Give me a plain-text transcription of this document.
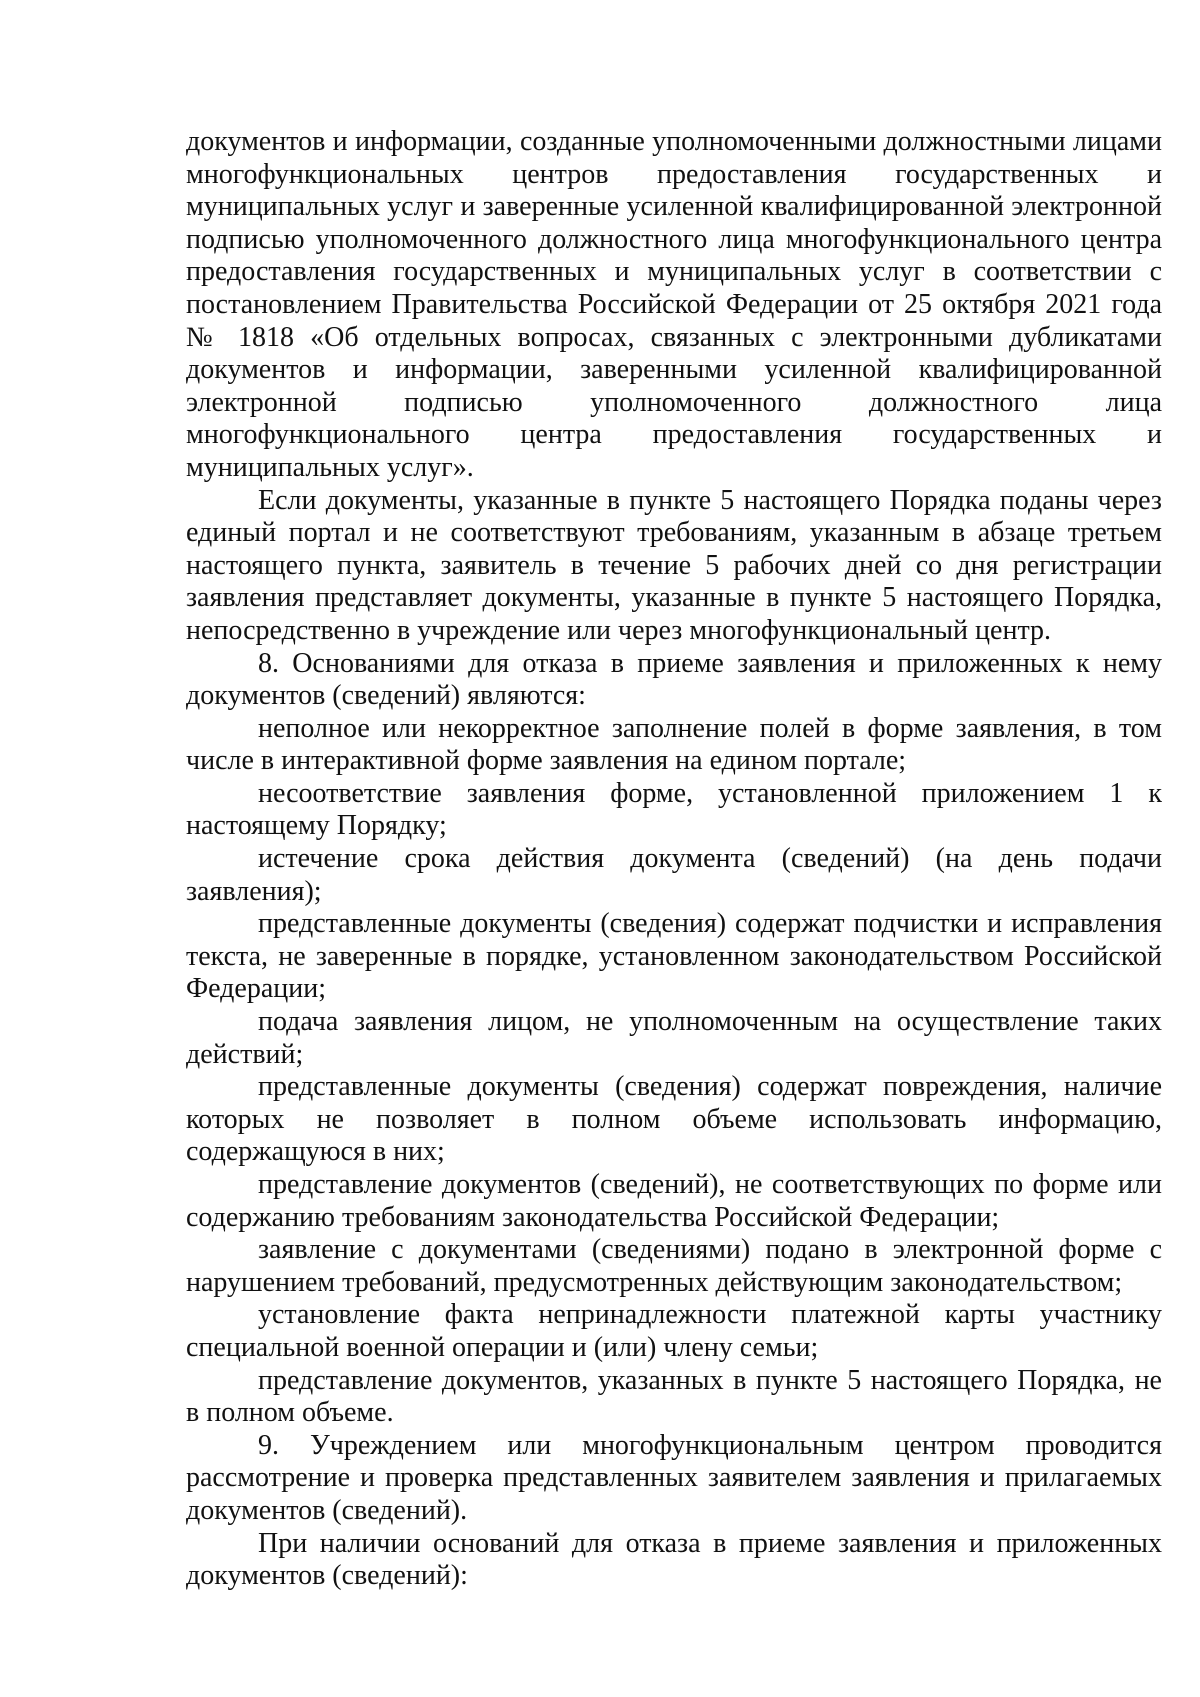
документов и информации, созданные уполномоченными должностными лицами многофункциональных центров предоставления государственных и муниципальных услуг и заверенные усиленной квалифицированной электронной подписью уполномоченного должностного лица многофункционального центра предоставления государственных и муниципальных услуг в соответствии с постановлением Правительства Российской Федерации от 25 октября 2021 года № 1818 «Об отдельных вопросах, связанных с электронными дубликатами документов и информации, заверенными усиленной квалифицированной электронной подписью уполномоченного должностного лица многофункционального центра предоставления государственных и муниципальных услуг».

Если документы, указанные в пункте 5 настоящего Порядка поданы через единый портал и не соответствуют требованиям, указанным в абзаце третьем настоящего пункта, заявитель в течение 5 рабочих дней со дня регистрации заявления представляет документы, указанные в пункте 5 настоящего Порядка, непосредственно в учреждение или через многофункциональный центр.

8. Основаниями для отказа в приеме заявления и приложенных к нему документов (сведений) являются:

неполное или некорректное заполнение полей в форме заявления, в том числе в интерактивной форме заявления на едином портале;

несоответствие заявления форме, установленной приложением 1 к настоящему Порядку;

истечение срока действия документа (сведений) (на день подачи заявления);

представленные документы (сведения) содержат подчистки и исправления текста, не заверенные в порядке, установленном законодательством Российской Федерации;

подача заявления лицом, не уполномоченным на осуществление таких действий;

представленные документы (сведения) содержат повреждения, наличие которых не позволяет в полном объеме использовать информацию, содержащуюся в них;

представление документов (сведений), не соответствующих по форме или содержанию требованиям законодательства Российской Федерации;

заявление с документами (сведениями) подано в электронной форме с нарушением требований, предусмотренных действующим законодательством;

установление факта непринадлежности платежной карты участнику специальной военной операции и (или) члену семьи;

представление документов, указанных в пункте 5 настоящего Порядка, не в полном объеме.

9. Учреждением или многофункциональным центром проводится рассмотрение и проверка представленных заявителем заявления и прилагаемых документов (сведений).

При наличии оснований для отказа в приеме заявления и приложенных документов (сведений):
